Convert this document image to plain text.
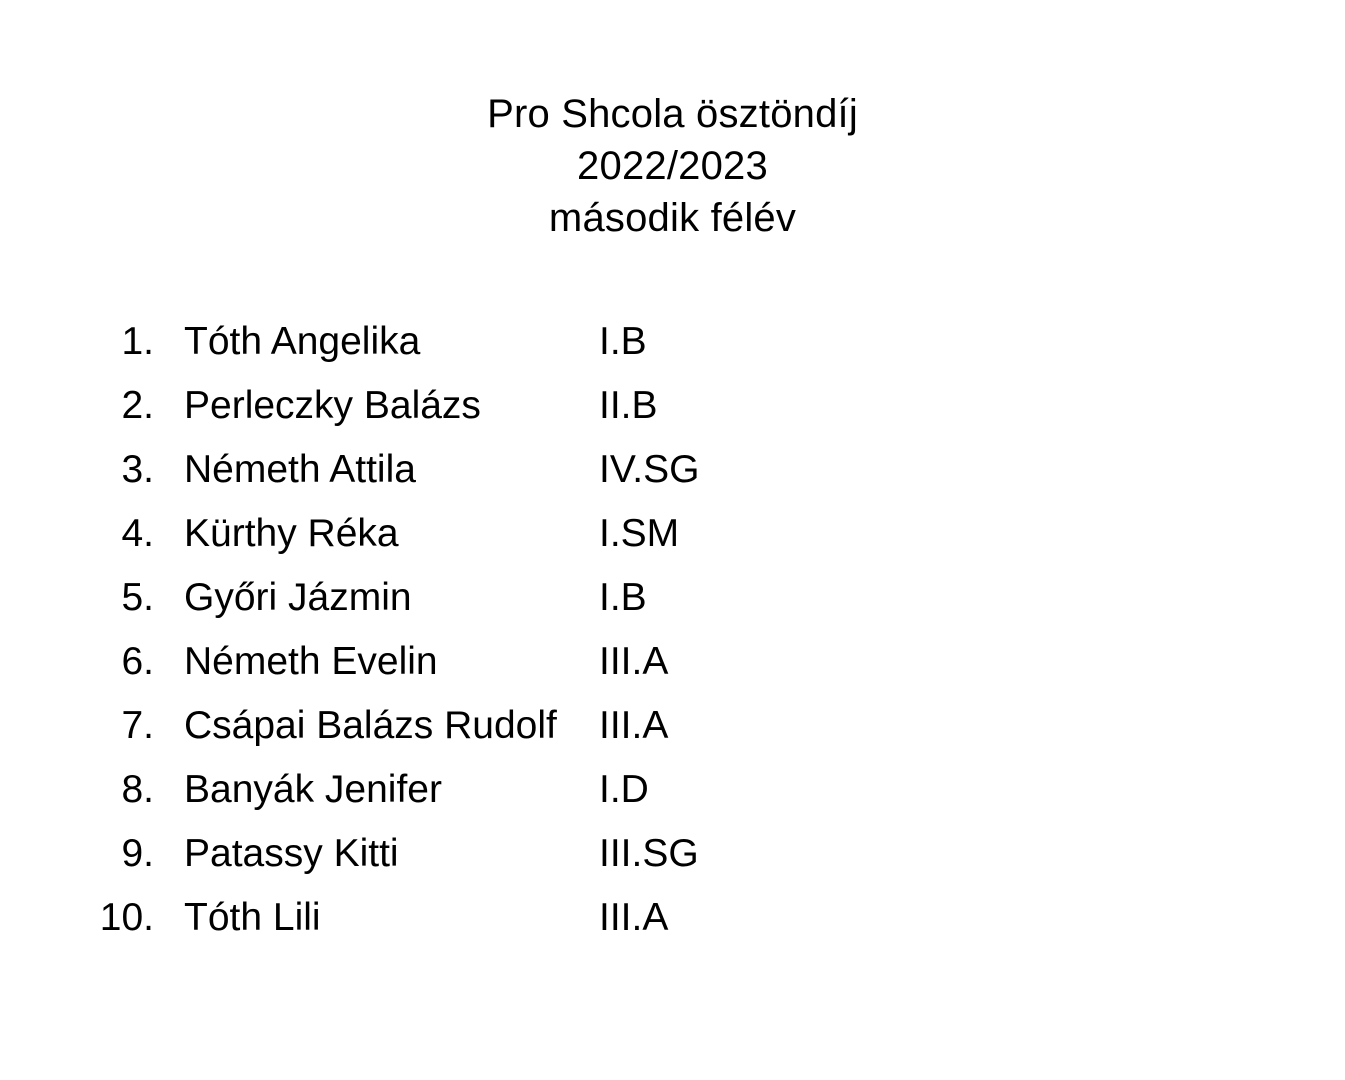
Pro Shcola ösztöndíj
2022/2023
második félév
1. Tóth Angelika	I.B
2. Perleczky Balázs	II.B
3. Németh Attila	IV.SG
4. Kürthy Réka	I.SM
5. Győri Jázmin	I.B
6. Németh Evelin	III.A
7. Csápai Balázs Rudolf	III.A
8. Banyák Jenifer	I.D
9. Patassy Kitti	III.SG
10. Tóth Lili	III.A
